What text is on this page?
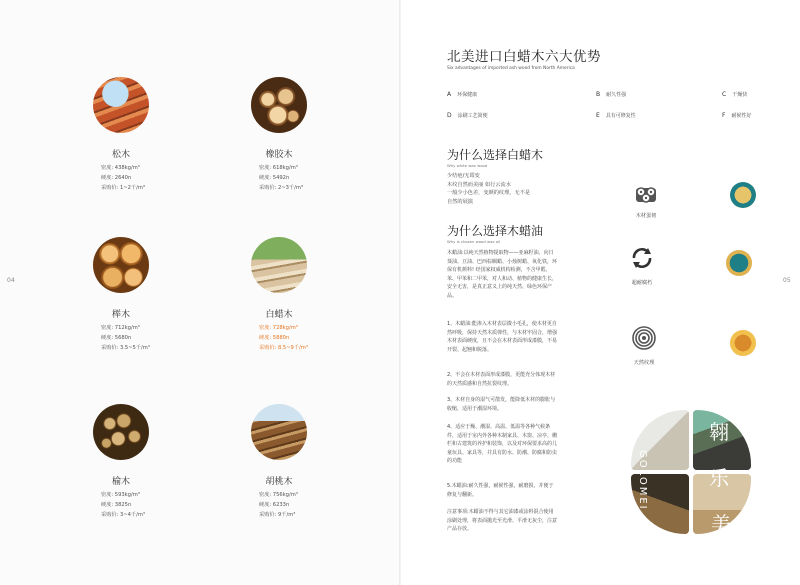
04	05
松木
密度: 438kg/m³
硬度: 2640n
采购价: 1~2千/m³
橡胶木
密度: 618kg/m³
硬度: 5492n
采购价: 2~3千/m³
榉木
密度: 712kg/m³
硬度: 5680n
采购价: 3.5~5千/m³
白蜡木
密度: 728kg/m³
硬度: 5880n
采购价: 8.5~9千/m³
榆木
密度: 593kg/m³
硬度: 3825n
采购价: 3~4千/m³
胡桃木
密度: 756kg/m³
硬度: 6233n
采购价: 9千/m³
北美进口白蜡木六大优势
Six advantages of imported ash wood from North America
A 环保健康	B 耐久性强	C 干燥快
D 涂刷工艺简便	E 具有可修复性	F 耐候性好
为什么选择白蜡木
Why white wax wood
少结疤/无霉变
木纹自然而美丽 如行云流水
一般少小色差，变颜的纹理，无不是
自然的展演
为什么选择木蜡油
Why is chosen wood wax oil
木蜡油:以纯天然植物提取物——亚麻籽油、向日葵油、豆油、巴西棕榈蜡、小烛树蜡、氧化铁，环保有机颜料! 经国家权威机构检测，不含甲醛、苯、甲苯和二甲苯，对人和动、植物的健康生长，安全无害，是真正意义上的纯天然、绿色环保产品。
1、木蜡油:能渗入木材表层微小毛孔，使木材更自然呼吸，保持天然木质弹性，与木材牢固合，增强木材表面硬度，且不会在木材表面形成漆膜，不易开裂、起翘和脱落。
2、不会在木材表面形成漆膜，更能充分体现木材的天然质感和自然抗裂纹理。
3、木材自身的湿气可散发，能降低木材的膨胀与收缩，适用于潮湿环境。
4、适应于燥、潮湿、高温、低温等各种气候条件，适用于室内外各种木制家具、木窗、凉亭、栅栏和古建筑的养护和装饰，以及对环保要求高的儿童玩具、家具等，并具有防水、防潮、防腐和防虫的功能
5.木蜡油:耐久性强，耐候性强，耐磨损，并便于修复与翻新。
注意事项:木蜡油不得与其它油漆或涂料混合使用涂刷处理，将表面抛光至光滑、平滑无灰尘，注意产品存放。
木材蛋韧
超耐腐朽
天然纹理
GOLOMEI
翱
乐
美
